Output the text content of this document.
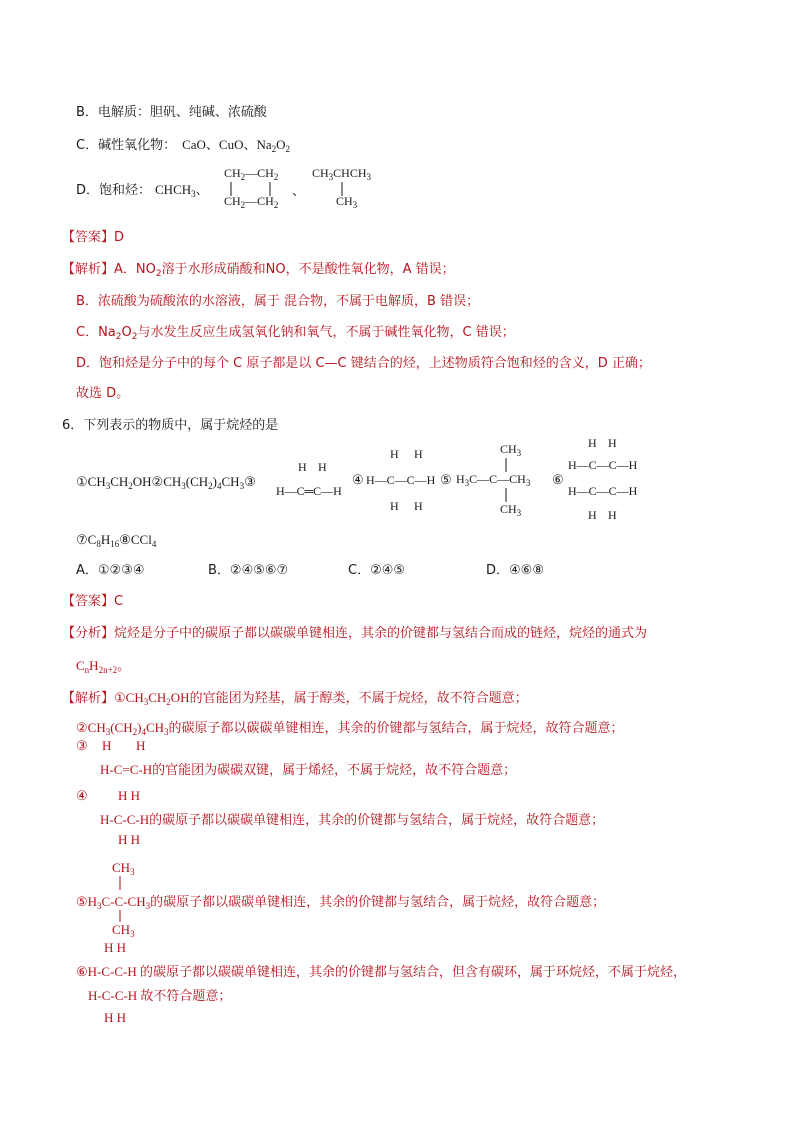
B．电解质：胆矾、纯碱、浓硫酸
C．碱性氧化物： CaO、CuO、$Na_2O_2$
D．饱和烃： $CHCH_3$、
$CH_2—CH_2$
$CH_2—CH_2$
、
$CH_3CHCH_3$
$CH_3$
【答案】D
【解析】A．$NO_2$溶于水形成硝酸和NO，不是酸性氧化物，A 错误；
B．浓硫酸为硫酸浓的水溶液，属于 混合物，不属于电解质，B 错误；
C．$Na_2O_2$与水发生反应生成氢氧化钠和氧气，不属于碱性氧化物，C 错误；
D．饱和烃是分子中的每个 C 原子都是以 C—C 键结合的烃，上述物质符合饱和烃的含义，D 正确；
故选 D。
6．下列表示的物质中，属于烷烃的是
$①CH_3CH_2OH②CH_3(CH_2)_4CH_3③$
H H
H—C═C—H
④
H H
H—C—C—H
H H
⑤
$CH_3$
$H_3C—C—CH_3$
$CH_3$
⑥
H H
H—C—C—H
H—C—C—H
H H
$⑦C_8H_{16}⑧CCl_4$
A．①②③④	B．②④⑤⑥⑦	C．②④⑤	D．④⑥⑧
【答案】C
【分析】烷烃是分子中的碳原子都以碳碳单键相连，其余的价键都与氢结合而成的链烃，烷烃的通式为
$C_nH_{2n+2}$。
【解析】$①CH_3CH_2OH$的官能团为羟基，属于醇类，不属于烷烃，故不符合题意；
$②CH_3(CH_2)_4CH_3$的碳原子都以碳碳单键相连，其余的价键都与氢结合，属于烷烃，故符合题意；
③ H H
H-C=C-H的官能团为碳碳双键，属于烯烃，不属于烷烃，故不符合题意；
④ H H
H-C-C-H的碳原子都以碳碳单键相连，其余的价键都与氢结合，属于烷烃，故符合题意；
H H
$CH_3$
$⑤H_3C-C-CH_3$的碳原子都以碳碳单键相连，其余的价键都与氢结合，属于烷烃，故符合题意；
$CH_3$
H H
⑥H-C-C-H 的碳原子都以碳碳单键相连，其余的价键都与氢结合，但含有碳环，属于环烷烃，不属于烷烃，
H-C-C-H 故不符合题意；
H H
